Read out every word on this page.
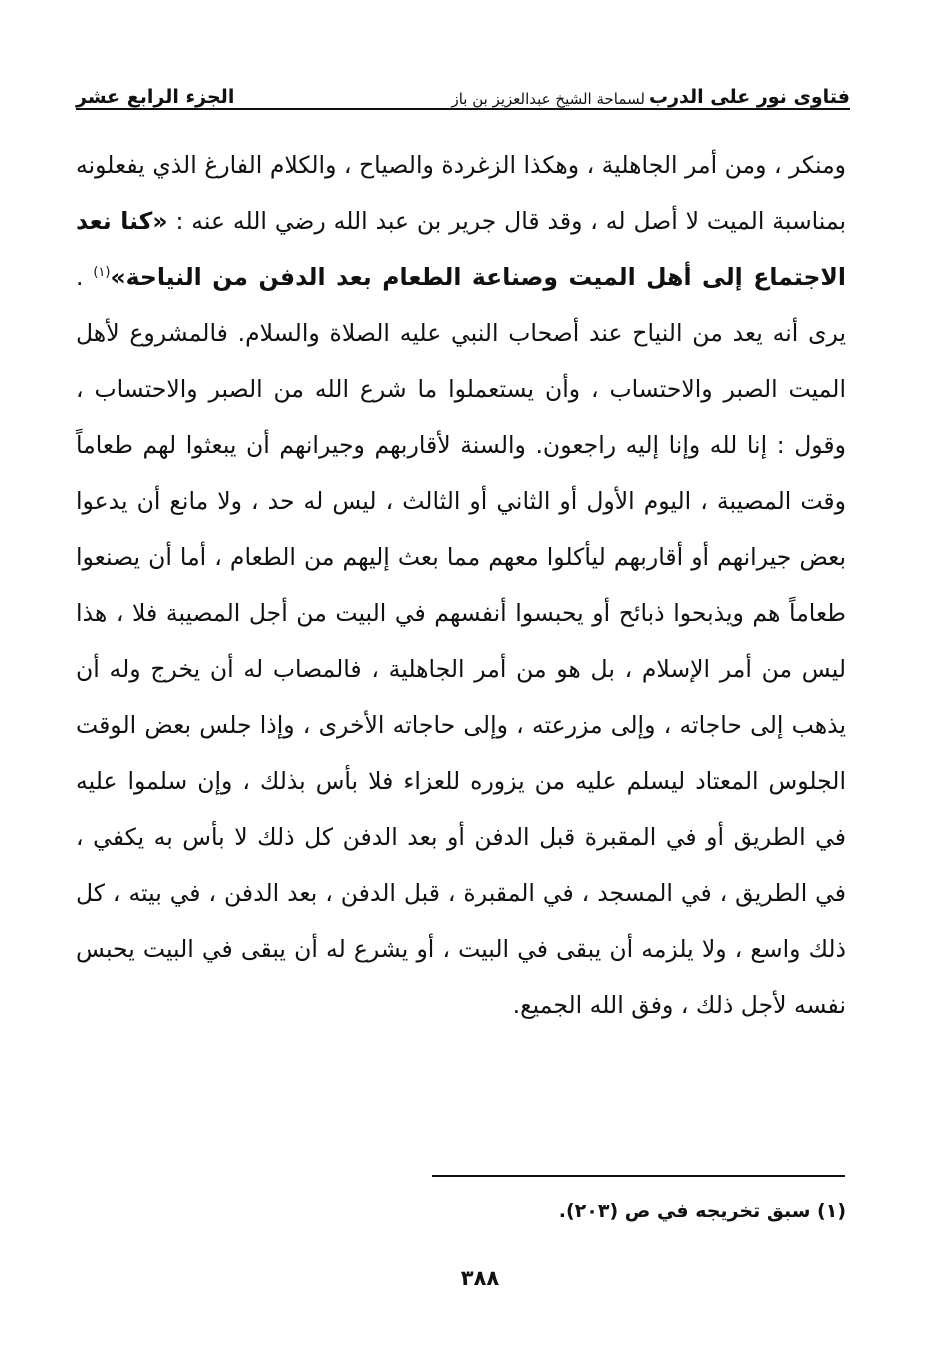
فتاوى نور على الدرب
لسماحة الشيخ عبدالعزيز بن باز
الجزء الرابع عشر
ومنكر ، ومن أمر الجاهلية ، وهكذا الزغردة والصياح ، والكلام الفارغ الذي يفعلونه بمناسبة الميت لا أصل له ، وقد قال جرير بن عبد الله رضي الله عنه : «كنا نعد الاجتماع إلى أهل الميت وصناعة الطعام بعد الدفن من النياحة»$^{(١)}$ . يرى أنه يعد من النياح عند أصحاب النبي عليه الصلاة والسلام. فالمشروع لأهل الميت الصبر والاحتساب ، وأن يستعملوا ما شرع الله من الصبر والاحتساب ، وقول : إنا لله وإنا إليه راجعون. والسنة لأقاربهم وجيرانهم أن يبعثوا لهم طعاماً وقت المصيبة ، اليوم الأول أو الثاني أو الثالث ، ليس له حد ، ولا مانع أن يدعوا بعض جيرانهم أو أقاربهم ليأكلوا معهم مما بعث إليهم من الطعام ، أما أن يصنعوا طعاماً هم ويذبحوا ذبائح أو يحبسوا أنفسهم في البيت من أجل المصيبة فلا ، هذا ليس من أمر الإسلام ، بل هو من أمر الجاهلية ، فالمصاب له أن يخرج وله أن يذهب إلى حاجاته ، وإلى مزرعته ، وإلى حاجاته الأخرى ، وإذا جلس بعض الوقت الجلوس المعتاد ليسلم عليه من يزوره للعزاء فلا بأس بذلك ، وإن سلموا عليه في الطريق أو في المقبرة قبل الدفن أو بعد الدفن كل ذلك لا بأس به يكفي ، في الطريق ، في المسجد ، في المقبرة ، قبل الدفن ، بعد الدفن ، في بيته ، كل ذلك واسع ، ولا يلزمه أن يبقى في البيت ، أو يشرع له أن يبقى في البيت يحبس نفسه لأجل ذلك ، وفق الله الجميع.
(١) سبق تخريجه في ص (٢٠٣).
٣٨٨
